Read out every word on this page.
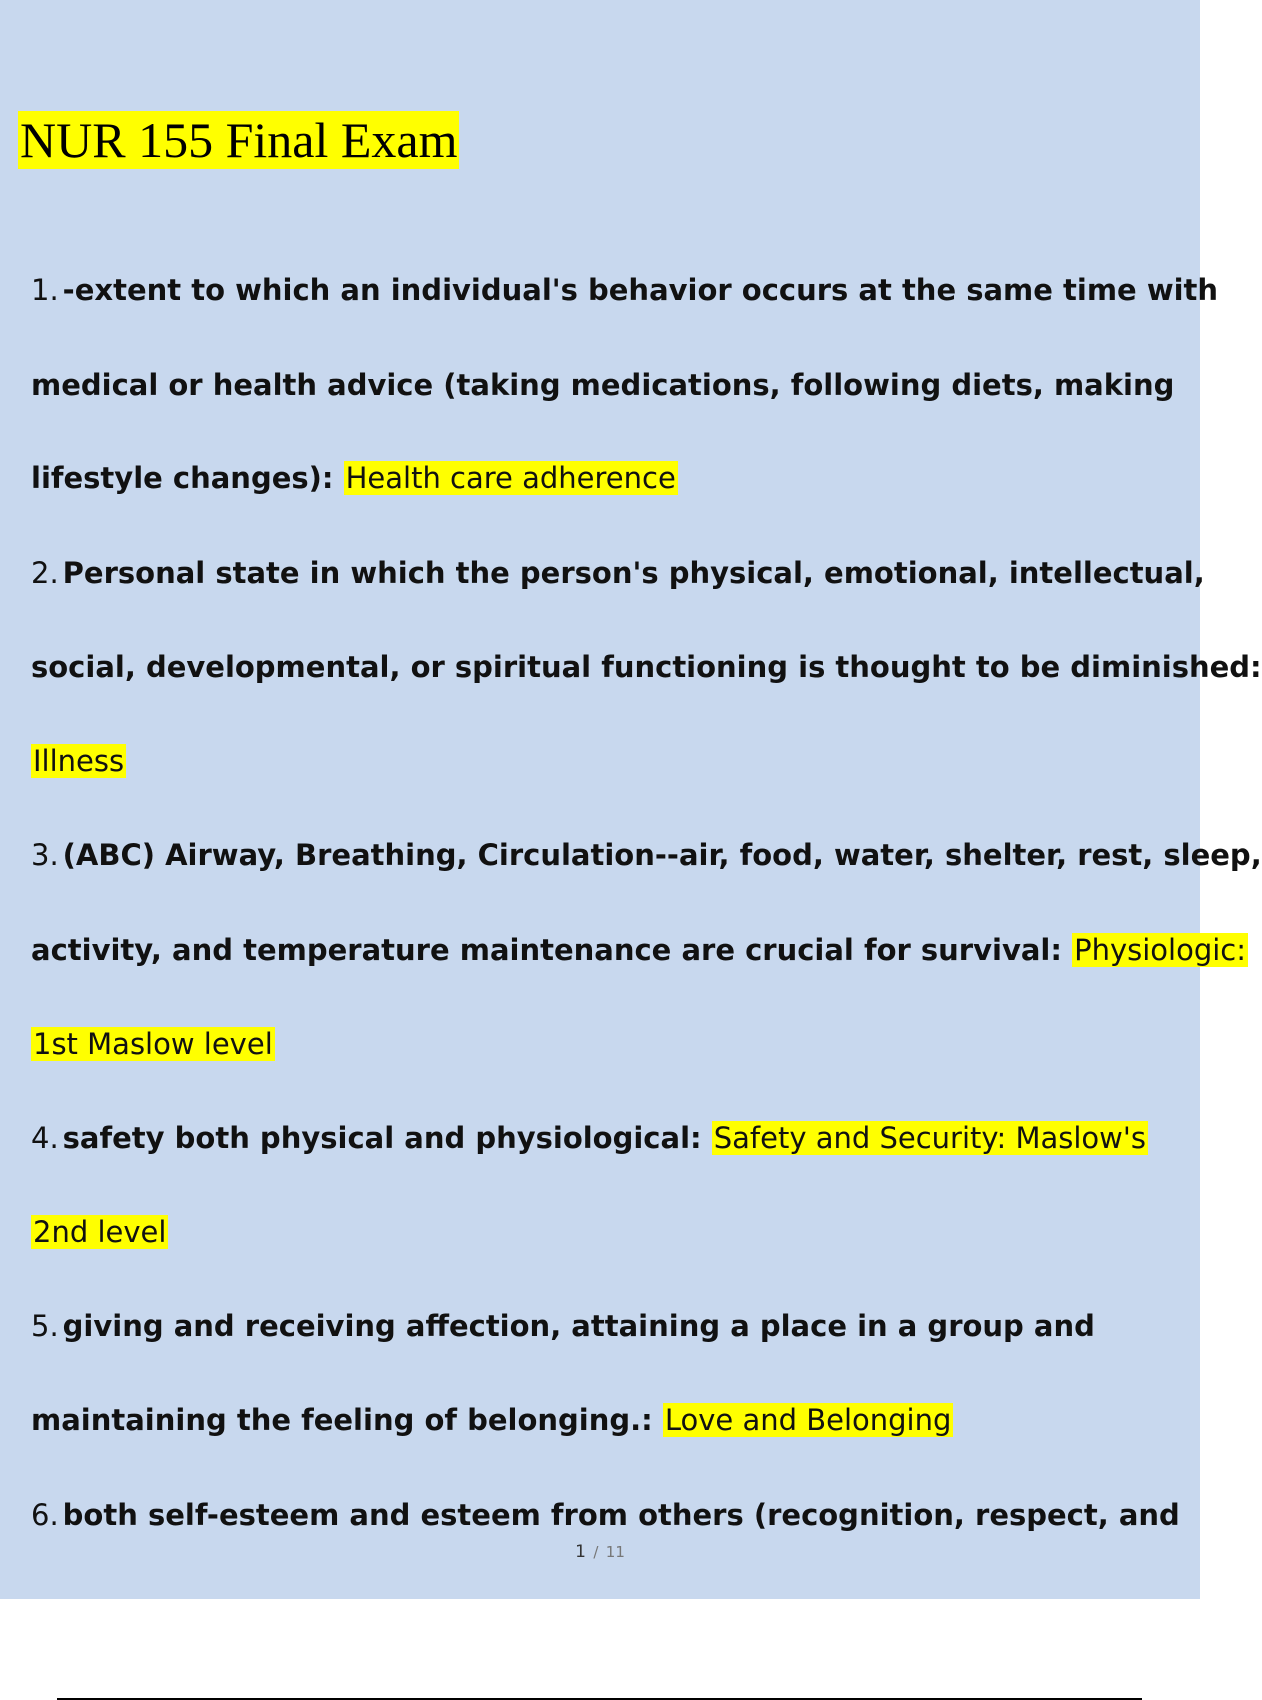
NUR 155 Final Exam
1. -extent to which an individual's behavior occurs at the same time with
medical or health advice (taking medications, following diets, making
lifestyle changes): Health care adherence
2. Personal state in which the person's physical, emotional, intellectual,
social, developmental, or spiritual functioning is thought to be diminished:
Illness
3. (ABC) Airway, Breathing, Circulation--air, food, water, shelter, rest, sleep,
activity, and temperature maintenance are crucial for survival: Physiologic:
1st Maslow level
4. safety both physical and physiological: Safety and Security: Maslow's
2nd level
5. giving and receiving affection, attaining a place in a group and
maintaining the feeling of belonging.: Love and Belonging
6. both self-esteem and esteem from others (recognition, respect, and
1 / 11
